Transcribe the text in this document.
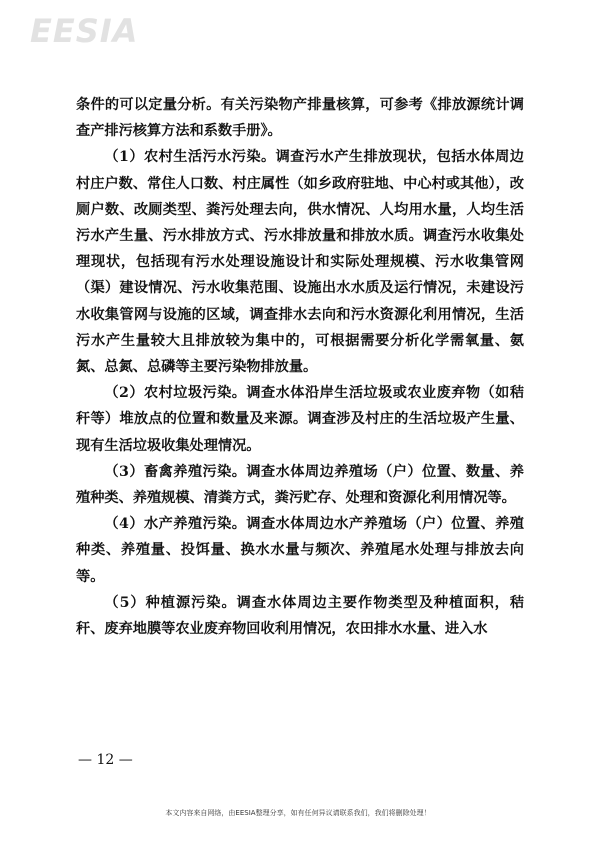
EESIA

条件的可以定量分析。有关污染物产排量核算，可参考《排放源统计调查产排污核算方法和系数手册》。

（1）农村生活污水污染。调查污水产生排放现状，包括水体周边村庄户数、常住人口数、村庄属性（如乡政府驻地、中心村或其他），改厕户数、改厕类型、粪污处理去向，供水情况、人均用水量，人均生活污水产生量、污水排放方式、污水排放量和排放水质。调查污水收集处理现状，包括现有污水处理设施设计和实际处理规模、污水收集管网（渠）建设情况、污水收集范围、设施出水水质及运行情况，未建设污水收集管网与设施的区域，调查排水去向和污水资源化利用情况，生活污水产生量较大且排放较为集中的，可根据需要分析化学需氧量、氨氮、总氮、总磷等主要污染物排放量。

（2）农村垃圾污染。调查水体沿岸生活垃圾或农业废弃物（如秸秆等）堆放点的位置和数量及来源。调查涉及村庄的生活垃圾产生量、现有生活垃圾收集处理情况。

（3）畜禽养殖污染。调查水体周边养殖场（户）位置、数量、养殖种类、养殖规模、清粪方式，粪污贮存、处理和资源化利用情况等。

（4）水产养殖污染。调查水体周边水产养殖场（户）位置、养殖种类、养殖量、投饵量、换水水量与频次、养殖尾水处理与排放去向等。

（5）种植源污染。调查水体周边主要作物类型及种植面积，秸秆、废弃地膜等农业废弃物回收利用情况，农田排水水量、进入水

— 12 —
本文内容来自网络，由EESIA整理分享，如有任何异议请联系我们，我们将删除处理！
